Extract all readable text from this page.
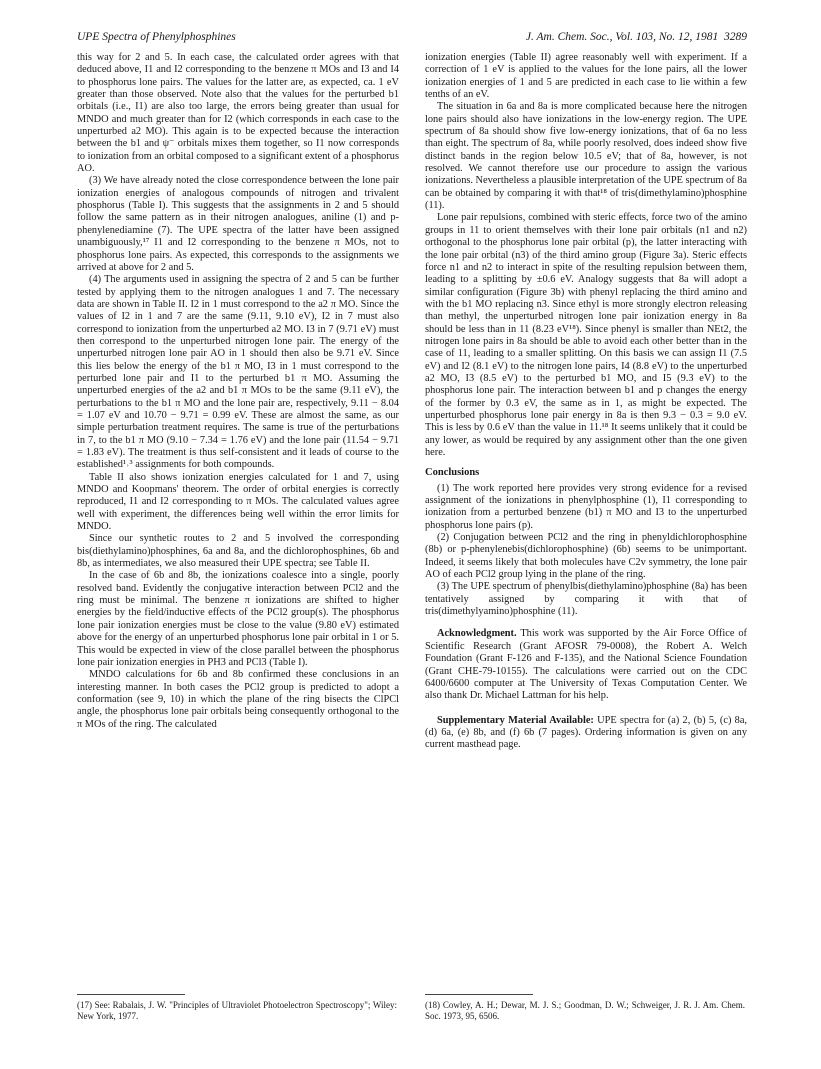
UPE Spectra of Phenylphosphines	J. Am. Chem. Soc., Vol. 103, No. 12, 1981 3289

this way for 2 and 5. In each case, the calculated order agrees with that deduced above, I1 and I2 corresponding to the benzene π MOs and I3 and I4 to phosphorus lone pairs. The values for the latter are, as expected, ca. 1 eV greater than those observed. Note also that the values for the perturbed b1 orbitals (i.e., I1) are also too large, the errors being greater than usual for MNDO and much greater than for I2 (which corresponds in each case to the unperturbed a2 MO). This again is to be expected because the interaction between the b1 and ψ⁻ orbitals mixes them together, so I1 now corresponds to ionization from an orbital composed to a significant extent of a phosphorus AO.

(3) We have already noted the close correspondence between the lone pair ionization energies of analogous compounds of nitrogen and trivalent phosphorus (Table I). This suggests that the assignments in 2 and 5 should follow the same pattern as in their nitrogen analogues, aniline (1) and p-phenylenediamine (7). The UPE spectra of the latter have been assigned unambiguously,¹⁷ I1 and I2 corresponding to the benzene π MOs, not to phosphorus lone pairs. As expected, this corresponds to the assignments we arrived at above for 2 and 5.

(4) The arguments used in assigning the spectra of 2 and 5 can be further tested by applying them to the nitrogen analogues 1 and 7. The necessary data are shown in Table II. I2 in 1 must correspond to the a2 π MO. Since the values of I2 in 1 and 7 are the same (9.11, 9.10 eV), I2 in 7 must also correspond to ionization from the unperturbed a2 MO. I3 in 7 (9.71 eV) must then correspond to the unperturbed nitrogen lone pair. The energy of the unperturbed nitrogen lone pair AO in 1 should then also be 9.71 eV. Since this lies below the energy of the b1 π MO, I3 in 1 must correspond to the perturbed lone pair and I1 to the perturbed b1 π MO. Assuming the unperturbed energies of the a2 and b1 π MOs to be the same (9.11 eV), the perturbations to the b1 π MO and the lone pair are, respectively, 9.11 − 8.04 = 1.07 eV and 10.70 − 9.71 = 0.99 eV. These are almost the same, as our simple perturbation treatment requires. The same is true of the perturbations in 7, to the b1 π MO (9.10 − 7.34 = 1.76 eV) and the lone pair (11.54 − 9.71 = 1.83 eV). The treatment is thus self-consistent and it leads of course to the established¹˒³ assignments for both compounds.

Table II also shows ionization energies calculated for 1 and 7, using MNDO and Koopmans' theorem. The order of orbital energies is correctly reproduced, I1 and I2 corresponding to π MOs. The calculated values agree well with experiment, the differences being well within the error limits for MNDO.

Since our synthetic routes to 2 and 5 involved the corresponding bis(diethylamino)phosphines, 6a and 8a, and the dichlorophosphines, 6b and 8b, as intermediates, we also measured their UPE spectra; see Table II.

In the case of 6b and 8b, the ionizations coalesce into a single, poorly resolved band. Evidently the conjugative interaction between PCl2 and the ring must be minimal. The benzene π ionizations are shifted to higher energies by the field/inductive effects of the PCl2 group(s). The phosphorus lone pair ionization energies must be close to the value (9.80 eV) estimated above for the energy of an unperturbed phosphorus lone pair orbital in 1 or 5. This would be expected in view of the close parallel between the phosphorus lone pair ionization energies in PH3 and PCl3 (Table I).

MNDO calculations for 6b and 8b confirmed these conclusions in an interesting manner. In both cases the PCl2 group is predicted to adopt a conformation (see 9, 10) in which the plane of the ring bisects the ClPCl angle, the phosphorus lone pair orbitals being consequently orthogonal to the π MOs of the ring. The calculated

ionization energies (Table II) agree reasonably well with experiment. If a correction of 1 eV is applied to the values for the lone pairs, all the lower ionization energies of 1 and 5 are predicted in each case to lie within a few tenths of an eV.

The situation in 6a and 8a is more complicated because here the nitrogen lone pairs should also have ionizations in the low-energy region. The UPE spectrum of 8a should show five low-energy ionizations, that of 6a no less than eight. The spectrum of 8a, while poorly resolved, does indeed show five distinct bands in the region below 10.5 eV; that of 8a, however, is not resolved. We cannot therefore use our procedure to assign the various ionizations. Nevertheless a plausible interpretation of the UPE spectrum of 8a can be obtained by comparing it with that¹⁸ of tris(dimethylamino)phosphine (11).

Lone pair repulsions, combined with steric effects, force two of the amino groups in 11 to orient themselves with their lone pair orbitals (n1 and n2) orthogonal to the phosphorus lone pair orbital (p), the latter interacting with the lone pair orbital (n3) of the third amino group (Figure 3a). Steric effects force n1 and n2 to interact in spite of the resulting repulsion between them, leading to a splitting by ±0.6 eV. Analogy suggests that 8a will adopt a similar configuration (Figure 3b) with phenyl replacing the third amino and with the b1 MO replacing n3. Since ethyl is more strongly electron releasing than methyl, the unperturbed nitrogen lone pair ionization energy in 8a should be less than in 11 (8.23 eV¹⁸). Since phenyl is smaller than NEt2, the nitrogen lone pairs in 8a should be able to avoid each other better than in the case of 11, leading to a smaller splitting. On this basis we can assign I1 (7.5 eV) and I2 (8.1 eV) to the nitrogen lone pairs, I4 (8.8 eV) to the unperturbed a2 MO, I3 (8.5 eV) to the perturbed b1 MO, and I5 (9.3 eV) to the phosphorus lone pair. The interaction between b1 and p changes the energy of the former by 0.3 eV, the same as in 1, as might be expected. The unperturbed phosphorus lone pair energy in 8a is then 9.3 − 0.3 = 9.0 eV. This is less by 0.6 eV than the value in 11.¹⁸ It seems unlikely that it could be any lower, as would be required by any assignment other than the one given here.

Conclusions

(1) The work reported here provides very strong evidence for a revised assignment of the ionizations in phenylphosphine (1), I1 corresponding to ionization from a perturbed benzene (b1) π MO and I3 to the unperturbed phosphorus lone pairs (p).

(2) Conjugation between PCl2 and the ring in phenyldichlorophosphine (8b) or p-phenylenebis(dichlorophosphine) (6b) seems to be unimportant. Indeed, it seems likely that both molecules have C2v symmetry, the lone pair AO of each PCl2 group lying in the plane of the ring.

(3) The UPE spectrum of phenylbis(diethylamino)phosphine (8a) has been tentatively assigned by comparing it with that of tris(dimethylyamino)phosphine (11).

Acknowledgment. This work was supported by the Air Force Office of Scientific Research (Grant AFOSR 79-0008), the Robert A. Welch Foundation (Grant F-126 and F-135), and the National Science Foundation (Grant CHE-79-10155). The calculations were carried out on the CDC 6400/6600 computer at The University of Texas Computation Center. We also thank Dr. Michael Lattman for his help.

Supplementary Material Available: UPE spectra for (a) 2, (b) 5, (c) 8a, (d) 6a, (e) 8b, and (f) 6b (7 pages). Ordering information is given on any current masthead page.

(17) See: Rabalais, J. W. "Principles of Ultraviolet Photoelectron Spectroscopy"; Wiley: New York, 1977.
(18) Cowley, A. H.; Dewar, M. J. S.; Goodman, D. W.; Schweiger, J. R. J. Am. Chem. Soc. 1973, 95, 6506.
